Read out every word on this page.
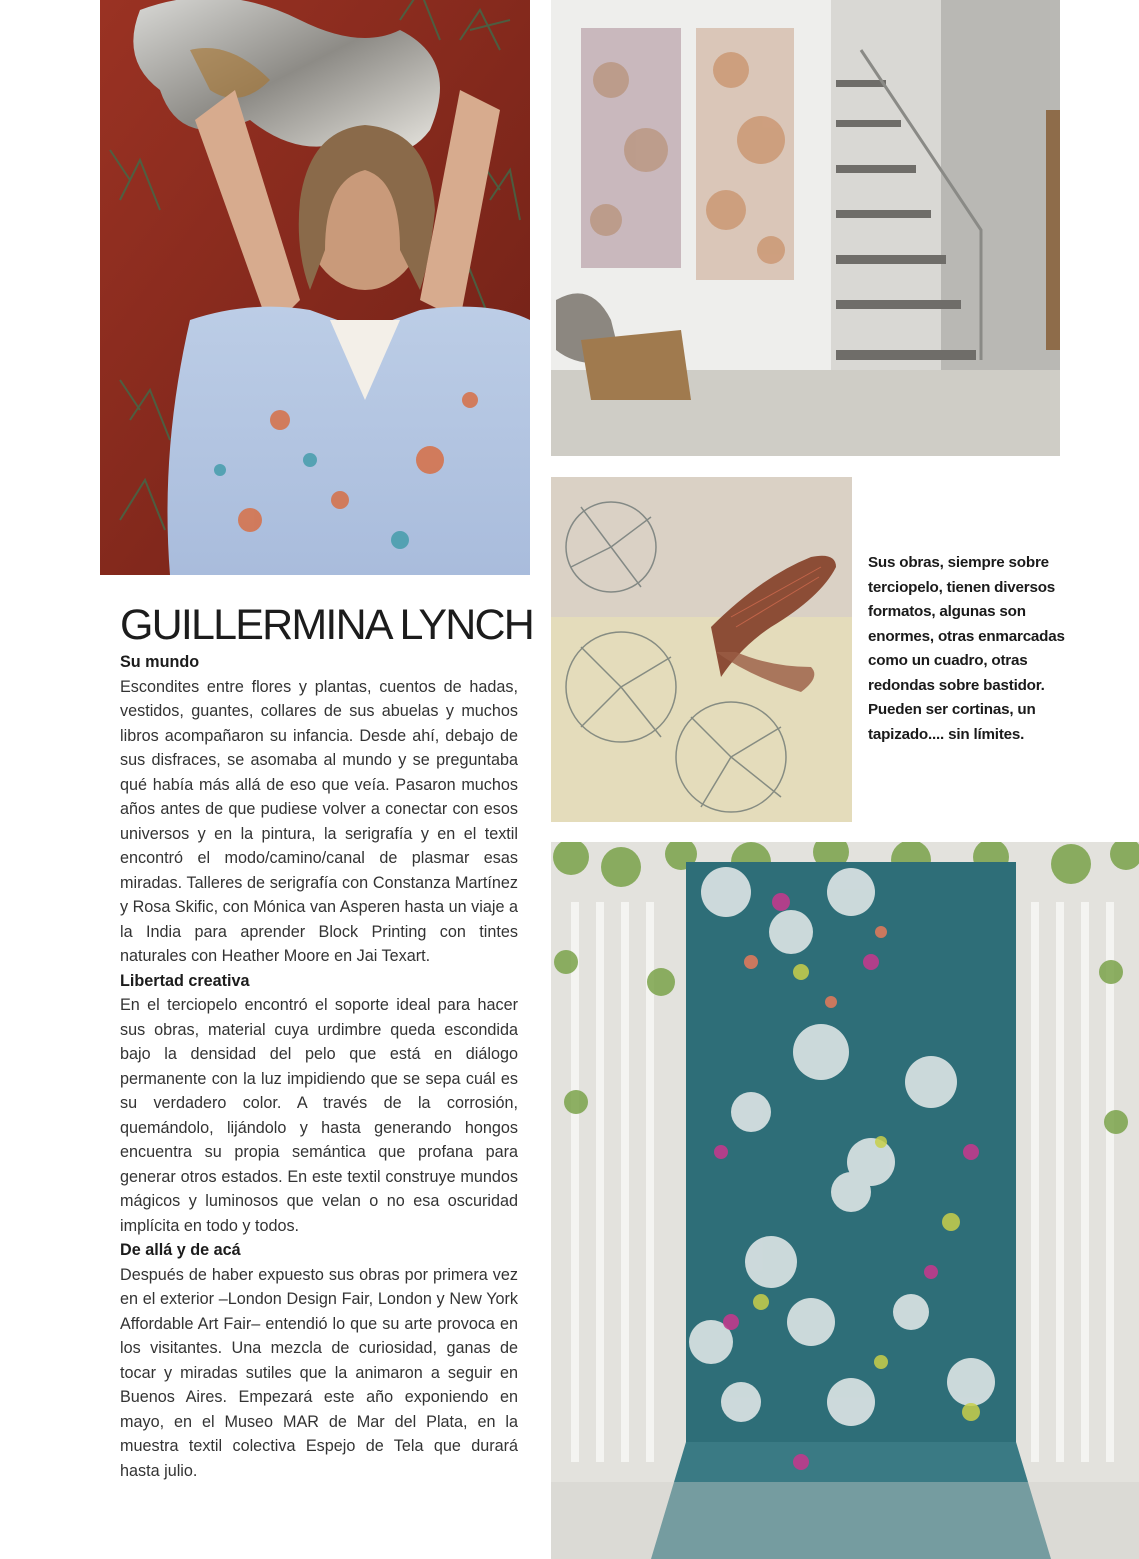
Sus obras, siempre sobre terciopelo, tienen diversos formatos, algunas son enormes, otras enmarcadas como un cuadro, otras redondas sobre bastidor. Pueden ser cortinas, un tapizado.... sin límites.
GUILLERMINA LYNCH
Su mundo

Escondites entre flores y plantas, cuentos de hadas, vestidos, guantes, collares de sus abuelas y muchos libros acompañaron su infancia. Desde ahí, debajo de sus disfraces, se asomaba al mundo y se preguntaba qué había más allá de eso que veía. Pasaron muchos años antes de que pudiese volver a conectar con esos universos y en la pintura, la serigrafía y en el textil encontró el modo/camino/canal de plasmar esas miradas. Talleres de serigrafía con Constanza Martínez y Rosa Skific, con Mónica van Asperen hasta un viaje a la India para aprender Block Printing con tintes naturales con Heather Moore en Jai Texart.

Libertad creativa

En el terciopelo encontró el soporte ideal para hacer sus obras, material cuya urdimbre queda escondida bajo la densidad del pelo que está en diálogo permanente con la luz impidiendo que se sepa cuál es su verdadero color. A través de la corrosión, quemándolo, lijándolo y hasta generando hongos encuentra su propia semántica que profana para generar otros estados. En este textil construye mundos mágicos y luminosos que velan o no esa oscuridad implícita en todo y todos.

De allá y de acá

Después de haber expuesto sus obras por primera vez en el exterior –London Design Fair, London y New York Affordable Art Fair– entendió lo que su arte provoca en los visitantes. Una mezcla de curiosidad, ganas de tocar y miradas sutiles que la animaron a seguir en Buenos Aires. Empezará este año exponiendo en mayo, en el Museo MAR de Mar del Plata, en la muestra textil colectiva Espejo de Tela que durará hasta julio.
